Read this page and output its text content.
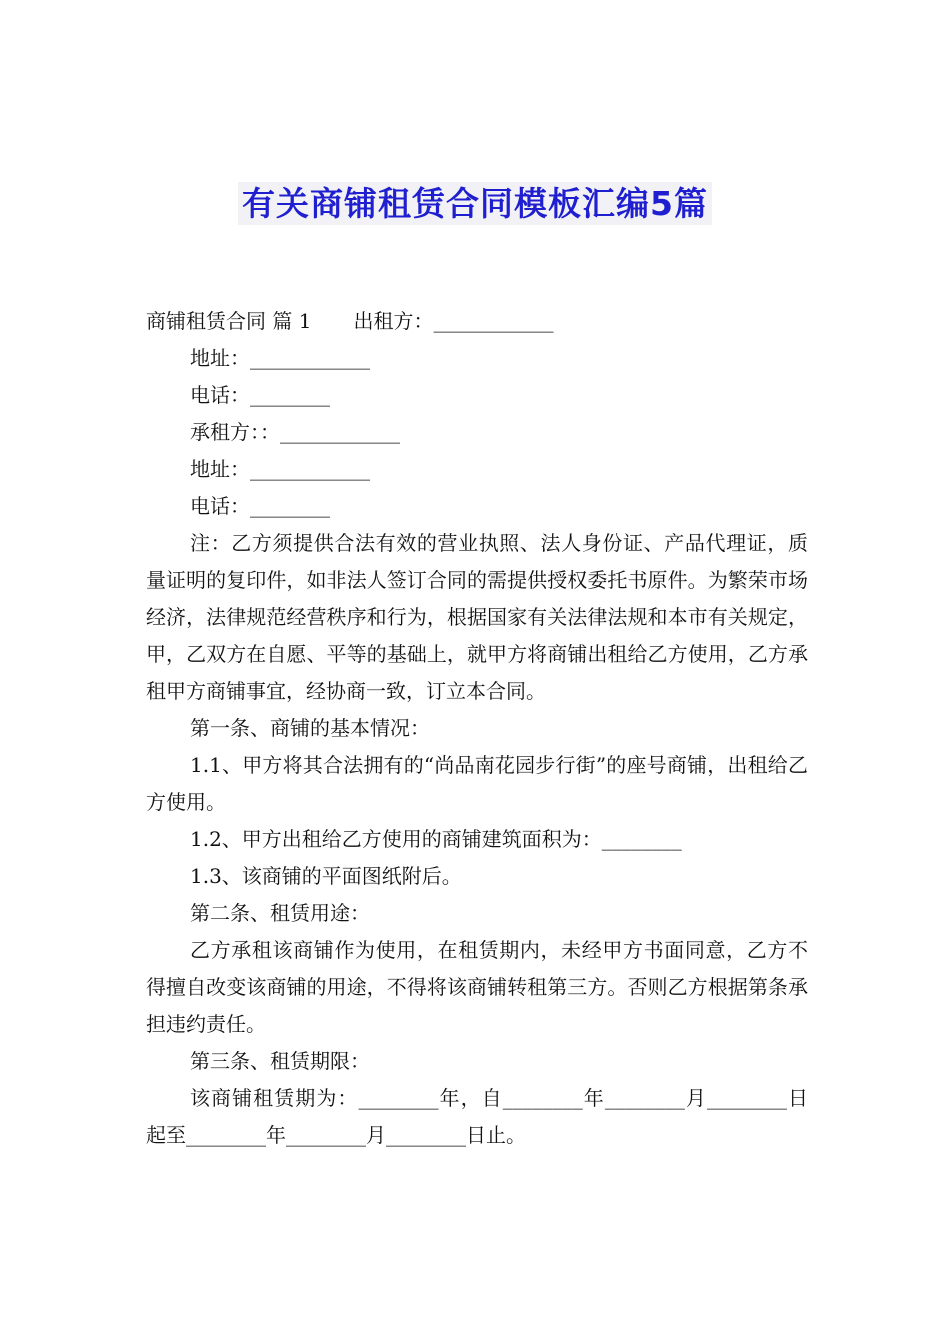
有关商铺租赁合同模板汇编5篇
商铺租赁合同 篇 1 出租方：____________
地址：____________
电话：________
承租方：：____________
地址：____________
电话：________
注：乙方须提供合法有效的营业执照、法人身份证、产品代理证，质量证明的复印件，如非法人签订合同的需提供授权委托书原件。为繁荣市场经济，法律规范经营秩序和行为，根据国家有关法律法规和本市有关规定，甲，乙双方在自愿、平等的基础上，就甲方将商铺出租给乙方使用，乙方承租甲方商铺事宜，经协商一致，订立本合同。
第一条、商铺的基本情况：
1.1、甲方将其合法拥有的“尚品南花园步行街”的座号商铺，出租给乙方使用。
1.2、甲方出租给乙方使用的商铺建筑面积为：________
1.3、该商铺的平面图纸附后。
第二条、租赁用途：
乙方承租该商铺作为使用，在租赁期内，未经甲方书面同意，乙方不得擅自改变该商铺的用途，不得将该商铺转租第三方。否则乙方根据第条承担违约责任。
第三条、租赁期限：
该商铺租赁期为：________年，自________年________月________日起至________年________月________日止。
